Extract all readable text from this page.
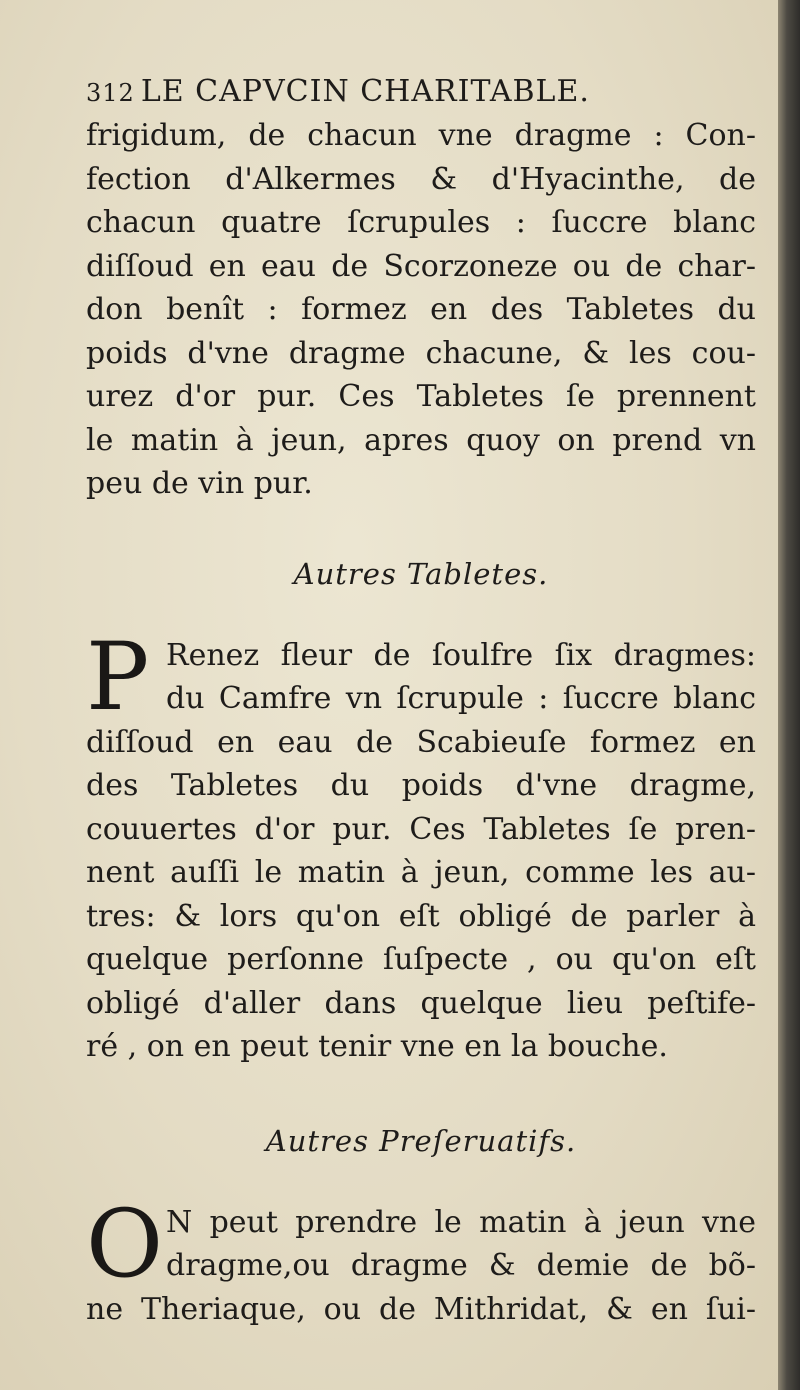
312 LE CAPVCIN CHARITABLE.
frigidum, de chacun vne dragme : Con-
fection d'Alkermes & d'Hyacinthe, de
chacun quatre ſcrupules : ſuccre blanc
diſſoud en eau de Scorzoneze ou de char-
don benît : formez en des Tabletes du
poids d'vne dragme chacune, & les cou-
urez d'or pur. Ces Tabletes ſe prennent
le matin à jeun, apres quoy on prend vn
peu de vin pur.
Autres Tabletes.
P Renez fleur de ſoulfre ſix dragmes:
du Camfre vn ſcrupule : ſuccre blanc
diſſoud en eau de Scabieuſe formez en
des Tabletes du poids d'vne dragme,
couuertes d'or pur. Ces Tabletes ſe pren-
nent auſſi le matin à jeun, comme les au-
tres: & lors qu'on eſt obligé de parler à
quelque perſonne ſuſpecte , ou qu'on eſt
obligé d'aller dans quelque lieu peſtife-
ré , on en peut tenir vne en la bouche.
Autres Preſeruatifs.
O N peut prendre le matin à jeun vne
dragme,ou dragme & demie de bõ-
ne Theriaque, ou de Mithridat, & en ſui-
